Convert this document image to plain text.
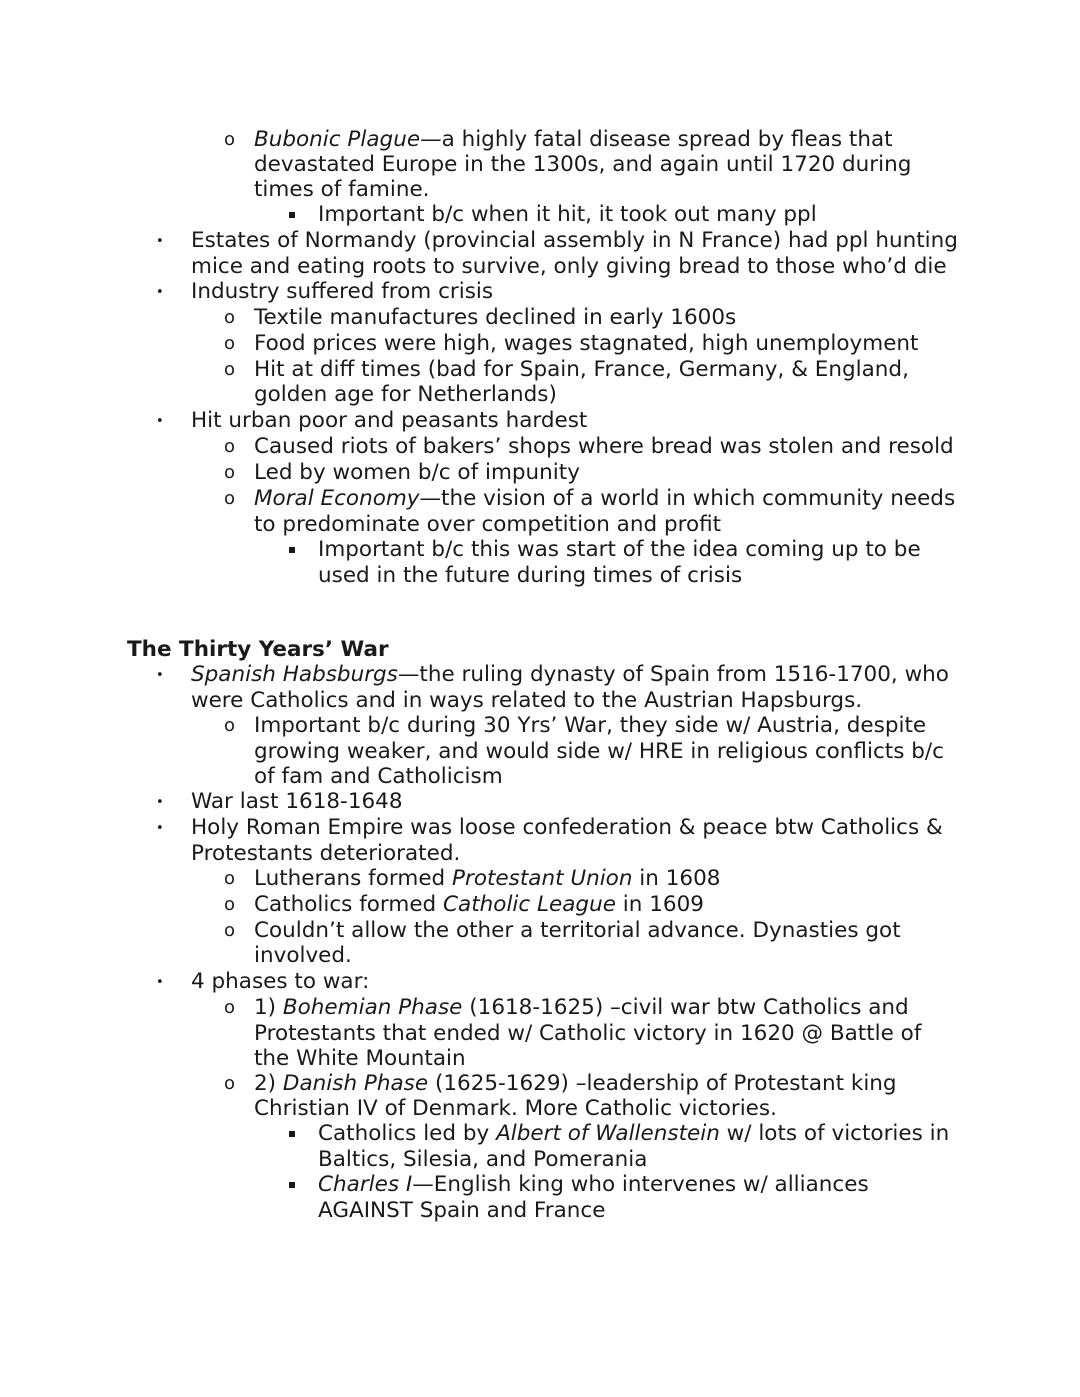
o Bubonic Plague—a highly fatal disease spread by fleas that
devastated Europe in the 1300s, and again until 1720 during
times of famine.
Important b/c when it hit, it took out many ppl
• Estates of Normandy (provincial assembly in N France) had ppl hunting
mice and eating roots to survive, only giving bread to those who’d die
• Industry suffered from crisis
o Textile manufactures declined in early 1600s
o Food prices were high, wages stagnated, high unemployment
o Hit at diff times (bad for Spain, France, Germany, & England,
golden age for Netherlands)
• Hit urban poor and peasants hardest
o Caused riots of bakers’ shops where bread was stolen and resold
o Led by women b/c of impunity
o Moral Economy—the vision of a world in which community needs
to predominate over competition and profit
Important b/c this was start of the idea coming up to be
used in the future during times of crisis
The Thirty Years’ War
• Spanish Habsburgs—the ruling dynasty of Spain from 1516-1700, who
were Catholics and in ways related to the Austrian Hapsburgs.
o Important b/c during 30 Yrs’ War, they side w/ Austria, despite
growing weaker, and would side w/ HRE in religious conflicts b/c
of fam and Catholicism
• War last 1618-1648
• Holy Roman Empire was loose confederation & peace btw Catholics &
Protestants deteriorated.
o Lutherans formed Protestant Union in 1608
o Catholics formed Catholic League in 1609
o Couldn’t allow the other a territorial advance. Dynasties got
involved.
• 4 phases to war:
o 1) Bohemian Phase (1618-1625) –civil war btw Catholics and
Protestants that ended w/ Catholic victory in 1620 @ Battle of
the White Mountain
o 2) Danish Phase (1625-1629) –leadership of Protestant king
Christian IV of Denmark. More Catholic victories.
Catholics led by Albert of Wallenstein w/ lots of victories in
Baltics, Silesia, and Pomerania
Charles I—English king who intervenes w/ alliances
AGAINST Spain and France
